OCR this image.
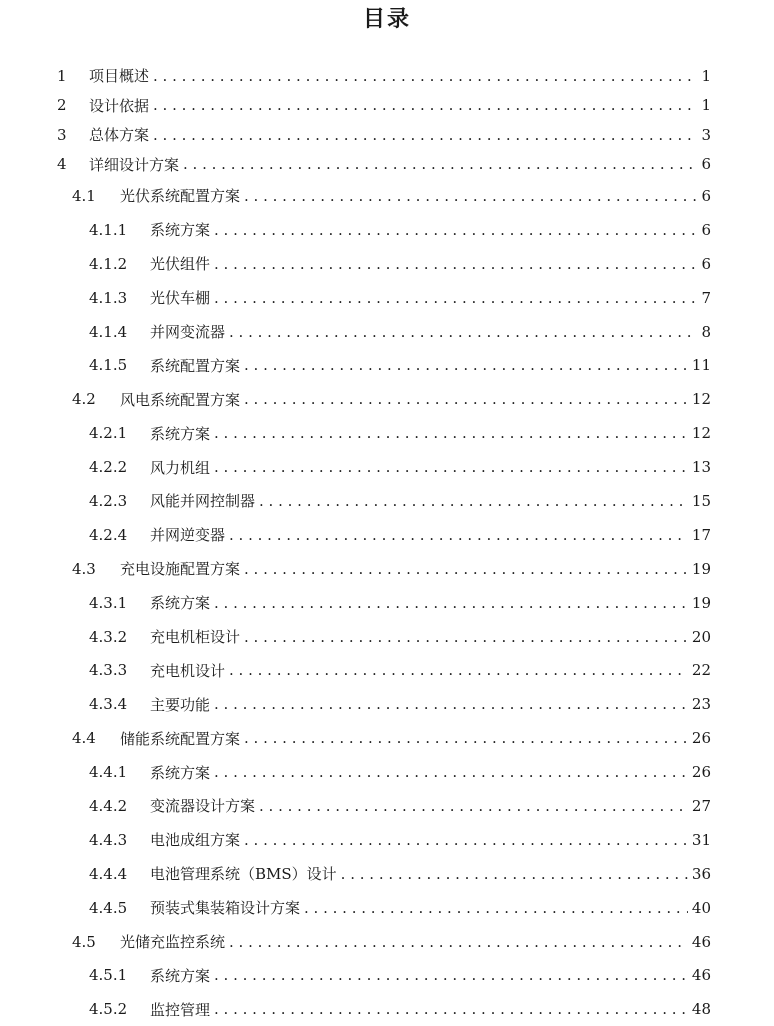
目录
1 项目概述 . . .	1
2 设计依据 . . .	1
3 总体方案 . . .	3
4 详细设计方案 . . .	6
4.1 光伏系统配置方案 . . .	6
4.1.1 系统方案 . . .	6
4.1.2 光伏组件 . . .	6
4.1.3 光伏车棚 . . .	7
4.1.4 并网变流器 . . .	8
4.1.5 系统配置方案 . . .	11
4.2 风电系统配置方案 . . .	12
4.2.1 系统方案 . . .	12
4.2.2 风力机组 . . .	13
4.2.3 风能并网控制器 . . .	15
4.2.4 并网逆变器 . . .	17
4.3 充电设施配置方案 . . .	19
4.3.1 系统方案 . . .	19
4.3.2 充电机柜设计 . . .	20
4.3.3 充电机设计 . . .	22
4.3.4 主要功能 . . .	23
4.4 储能系统配置方案 . . .	26
4.4.1 系统方案 . . .	26
4.4.2 变流器设计方案 . . .	27
4.4.3 电池成组方案 . . .	31
4.4.4 电池管理系统（BMS）设计 . . .	36
4.4.5 预装式集装箱设计方案 . . .	40
4.5 光储充监控系统 . . .	46
4.5.1 系统方案 . . .	46
4.5.2 监控管理 . . .	48
